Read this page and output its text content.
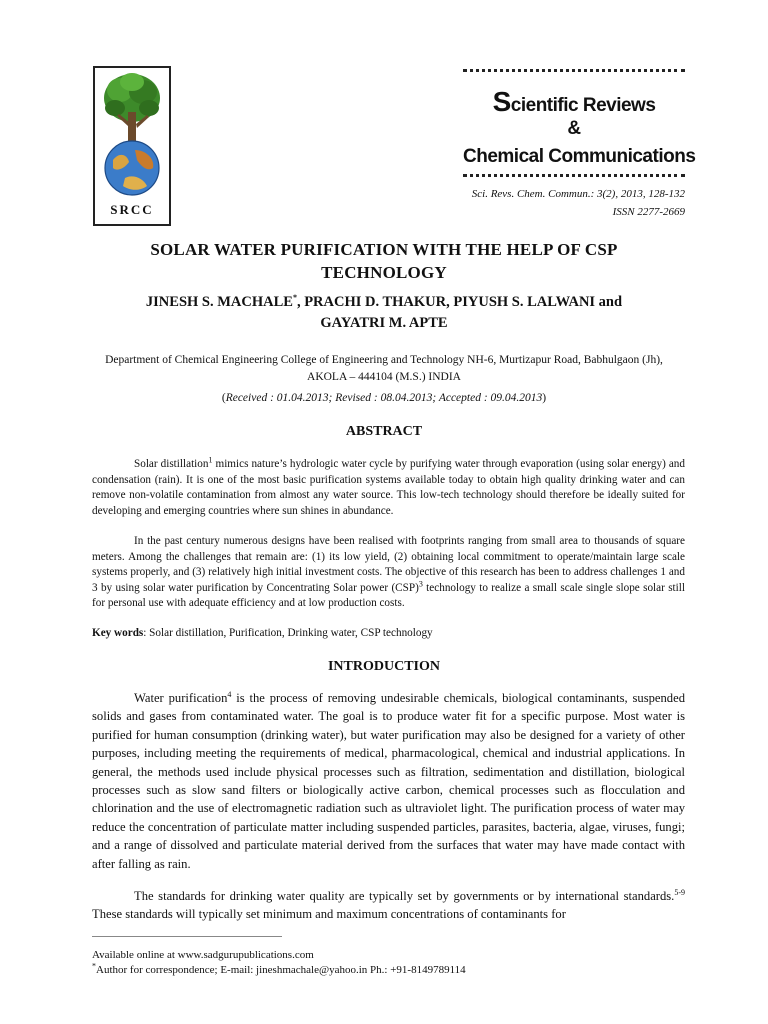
SRCC
Scientific Reviews
&
Chemical Communications
Sci. Revs. Chem. Commun.: 3(2), 2013, 128-132
ISSN 2277-2669
SOLAR WATER PURIFICATION WITH THE HELP OF CSP
TECHNOLOGY
JINESH S. MACHALE*, PRACHI D. THAKUR, PIYUSH S. LALWANI and
GAYATRI M. APTE
Department of Chemical Engineering College of Engineering and Technology NH-6, Murtizapur Road, Babhulgaon (Jh),
AKOLA – 444104 (M.S.) INDIA
(Received : 01.04.2013; Revised : 08.04.2013; Accepted : 09.04.2013)
ABSTRACT
Solar distillation$^1$ mimics nature’s hydrologic water cycle by purifying water through evaporation (using solar energy) and condensation (rain). It is one of the most basic purification systems available today to obtain high quality drinking water and can remove non-volatile contamination from almost any water source. This low-tech technology should therefore be ideally suited for developing and emerging countries where sun shines in abundance.
In the past century numerous designs have been realised with footprints ranging from small area to thousands of square meters. Among the challenges that remain are: (1) its low yield, (2) obtaining local commitment to operate/maintain large scale systems properly, and (3) relatively high initial investment costs. The objective of this research has been to address challenges 1 and 3 by using solar water purification by Concentrating Solar power (CSP)$^3$ technology to realize a small scale single slope solar still for personal use with adequate efficiency and at low production costs.
Key words: Solar distillation, Purification, Drinking water, CSP technology
INTRODUCTION
Water purification$^4$ is the process of removing undesirable chemicals, biological contaminants, suspended solids and gases from contaminated water. The goal is to produce water fit for a specific purpose. Most water is purified for human consumption (drinking water), but water purification may also be designed for a variety of other purposes, including meeting the requirements of medical, pharmacological, chemical and industrial applications. In general, the methods used include physical processes such as filtration, sedimentation and distillation, biological processes such as slow sand filters or biologically active carbon, chemical processes such as flocculation and chlorination and the use of electromagnetic radiation such as ultraviolet light. The purification process of water may reduce the concentration of particulate matter including suspended particles, parasites, bacteria, algae, viruses, fungi; and a range of dissolved and particulate material derived from the surfaces that water may have made contact with after falling as rain.
The standards for drinking water quality are typically set by governments or by international standards.$^{5-9}$ These standards will typically set minimum and maximum concentrations of contaminants for
Available online at www.sadgurupublications.com
*Author for correspondence; E-mail: jineshmachale@yahoo.in Ph.: +91-8149789114
